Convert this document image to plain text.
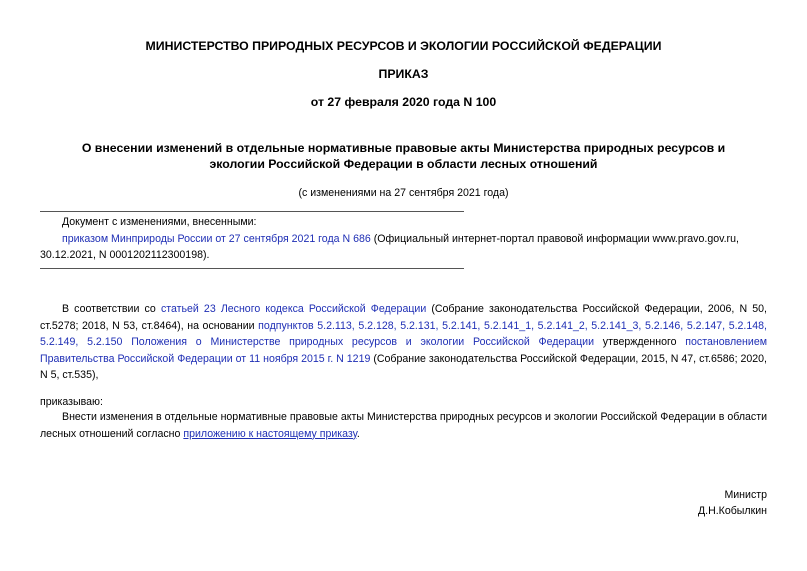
МИНИСТЕРСТВО ПРИРОДНЫХ РЕСУРСОВ И ЭКОЛОГИИ РОССИЙСКОЙ ФЕДЕРАЦИИ
ПРИКАЗ
от 27 февраля 2020 года N 100
О внесении изменений в отдельные нормативные правовые акты Министерства природных ресурсов и
экологии Российской Федерации в области лесных отношений
(с изменениями на 27 сентября 2021 года)
Документ с изменениями, внесенными:
приказом Минприроды России от 27 сентября 2021 года N 686 (Официальный интернет-портал правовой информации www.pravo.gov.ru,
30.12.2021, N 0001202112300198).
В соответствии со статьей 23 Лесного кодекса Российской Федерации (Собрание законодательства Российской Федерации, 2006, N 50, ст.5278; 2018, N 53, ст.8464), на основании подпунктов 5.2.113, 5.2.128, 5.2.131, 5.2.141, 5.2.141_1, 5.2.141_2, 5.2.141_3, 5.2.146, 5.2.147, 5.2.148, 5.2.149, 5.2.150 Положения о Министерстве природных ресурсов и экологии Российской Федерации утвержденного постановлением Правительства Российской Федерации от 11 ноября 2015 г. N 1219 (Собрание законодательства Российской Федерации, 2015, N 47, ст.6586; 2020, N 5, ст.535),
приказываю:
Внести изменения в отдельные нормативные правовые акты Министерства природных ресурсов и экологии Российской Федерации в области лесных отношений согласно приложению к настоящему приказу.
Министр
Д.Н.Кобылкин
